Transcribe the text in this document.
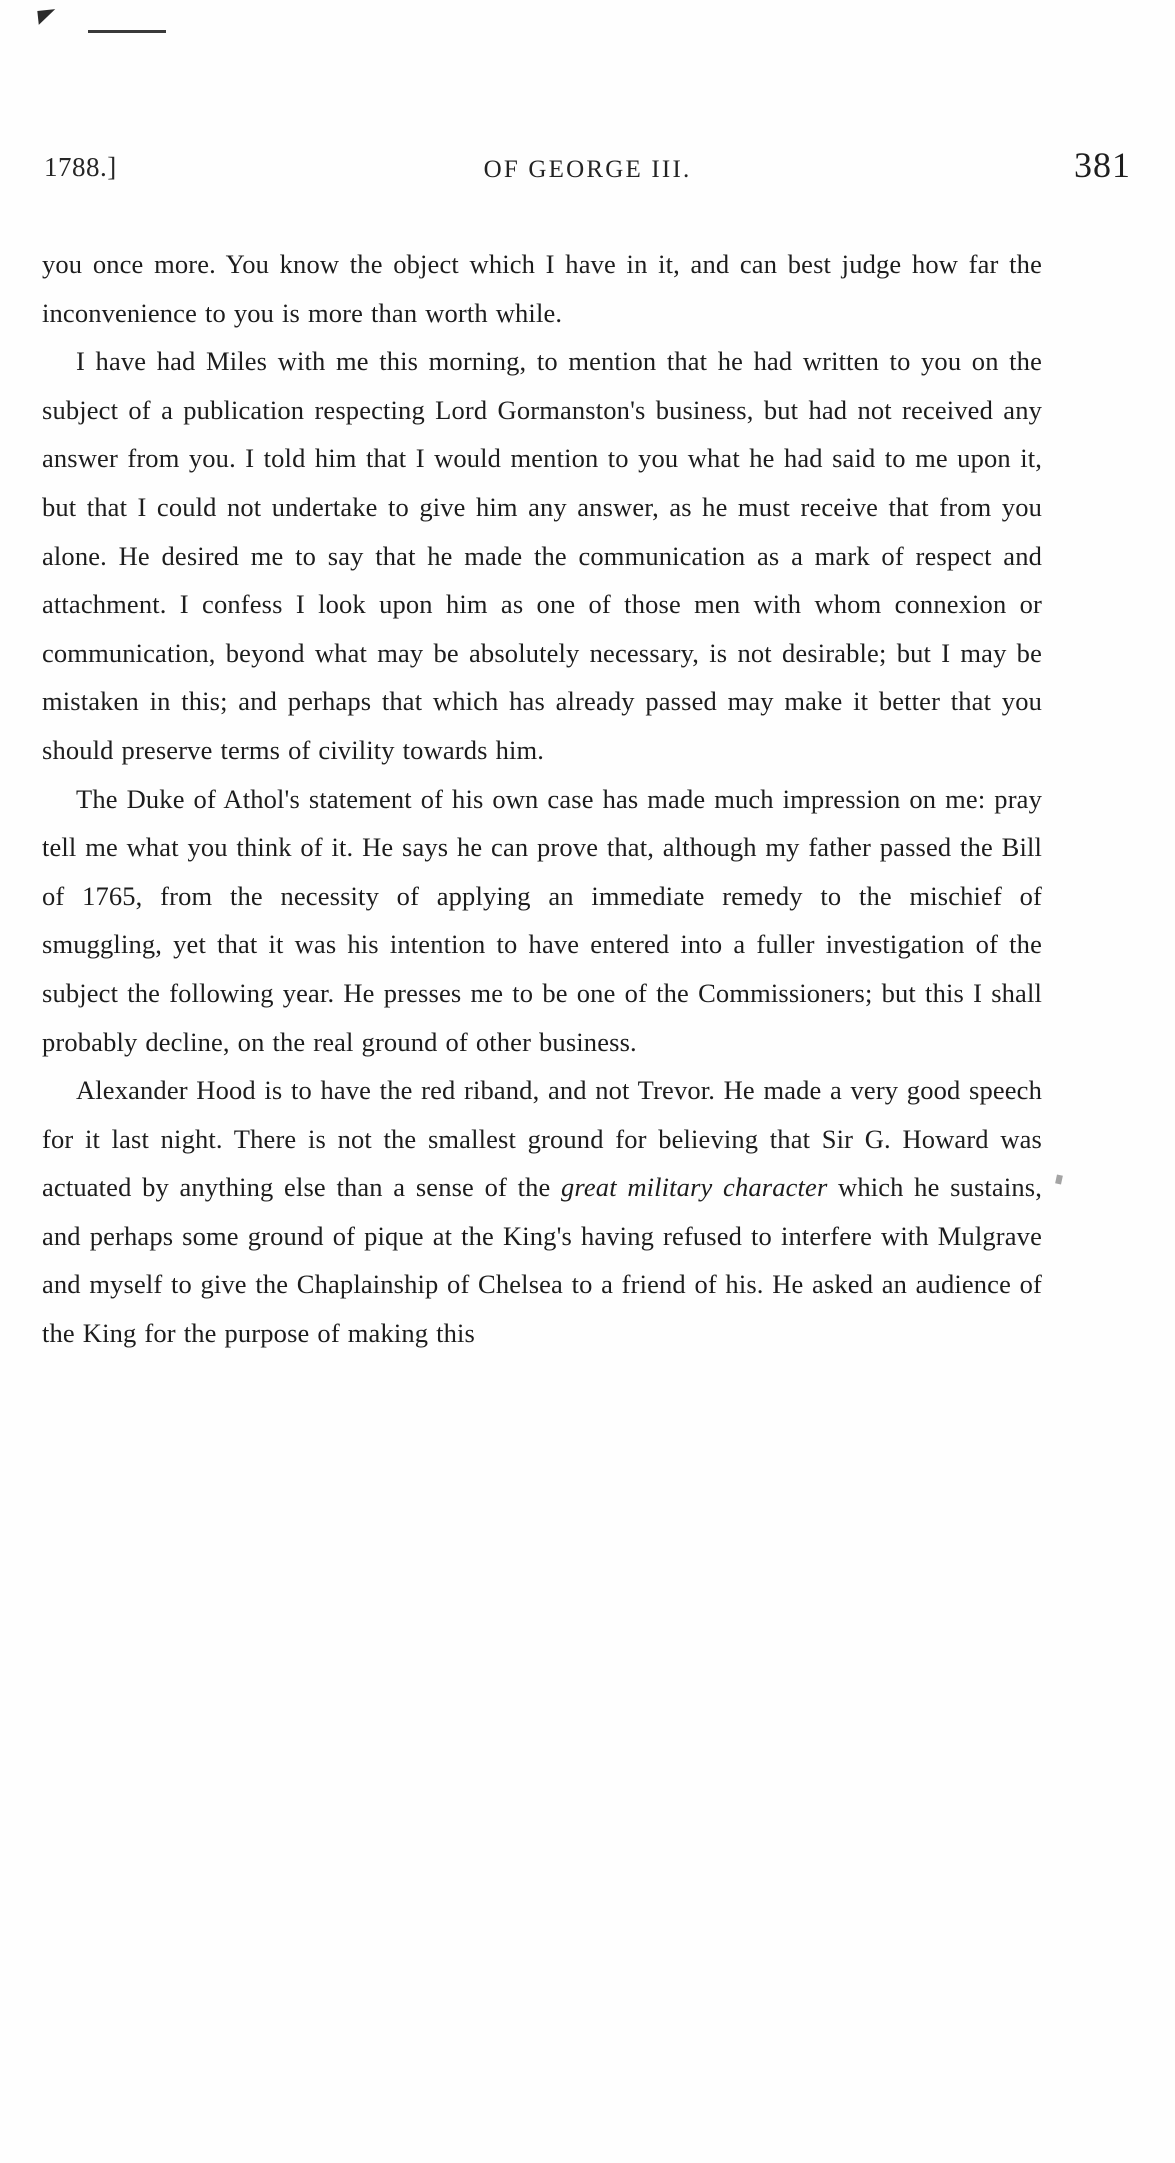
1788.]	OF GEORGE III.	381

you once more. You know the object which I have in it, and can best judge how far the inconvenience to you is more than worth while.

I have had Miles with me this morning, to mention that he had written to you on the subject of a publication respecting Lord Gormanston's business, but had not received any answer from you. I told him that I would mention to you what he had said to me upon it, but that I could not undertake to give him any answer, as he must receive that from you alone. He desired me to say that he made the communication as a mark of respect and attachment. I confess I look upon him as one of those men with whom connexion or communication, beyond what may be absolutely necessary, is not desirable; but I may be mistaken in this; and perhaps that which has already passed may make it better that you should preserve terms of civility towards him.

The Duke of Athol's statement of his own case has made much impression on me: pray tell me what you think of it. He says he can prove that, although my father passed the Bill of 1765, from the necessity of applying an immediate remedy to the mischief of smuggling, yet that it was his intention to have entered into a fuller investigation of the subject the following year. He presses me to be one of the Commissioners; but this I shall probably decline, on the real ground of other business.

Alexander Hood is to have the red riband, and not Trevor. He made a very good speech for it last night. There is not the smallest ground for believing that Sir G. Howard was actuated by anything else than a sense of the great military character which he sustains, and perhaps some ground of pique at the King's having refused to interfere with Mulgrave and myself to give the Chaplainship of Chelsea to a friend of his. He asked an audience of the King for the purpose of making this
